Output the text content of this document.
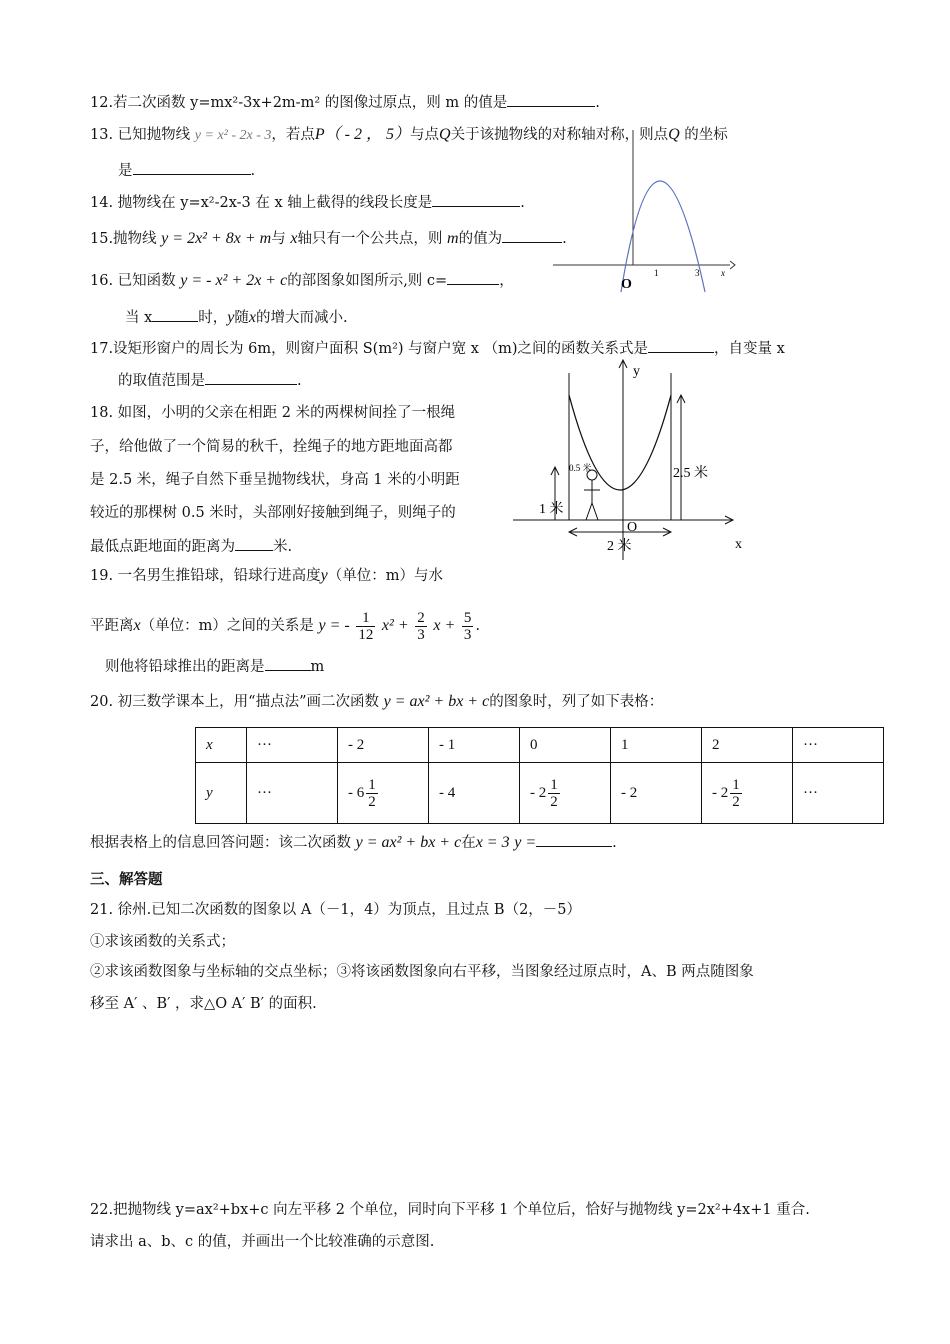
12.若二次函数 y=mx²-3x+2m-m² 的图像过原点，则 m 的值是	.
13. 已知抛物线 y = x² - 2x - 3，若点P（ - 2 ， 5）与点Q关于该抛物线的对称轴对称，则点Q 的坐标
是	.
14. 抛物线在 y=x²-2x-3 在 x 轴上截得的线段长度是	.
15.抛物线 y = 2x² + 8x + m与 x轴只有一个公共点，则 m的值为	.
16. 已知函数 y = - x² + 2x + c的部图象如图所示,则 c=	，
当 x	时，y随x的增大而减小.
O
1	3 x
17.设矩形窗户的周长为 6m，则窗户面积 S(m²) 与窗户宽 x （m)之间的函数关系式是	，自变量 x
的取值范围是	.
18. 如图，小明的父亲在相距 2 米的两棵树间拴了一根绳
子，给他做了一个简易的秋千，拴绳子的地方距地面高都
是 2.5 米，绳子自然下垂呈抛物线状，身高 1 米的小明距
较近的那棵树 0.5 米时，头部刚好接触到绳子，则绳子的
最低点距地面的距离为	米.
2.5 米
1 米
0.5 米
O
2 米
y
x
19. 一名男生推铅球，铅球行进高度y（单位：m）与水
平距离x（单位：m）之间的关系是 y = - $\frac{1}{12} x^2 + \frac{2}{3}$ $x + \frac{5}{3}$ .
则他将铅球推出的距离是	m
20. 初三数学课本上，用“描点法”画二次函数 y = ax² + bx + c的图象时，列了如下表格：
x	···	- 2	- 1	0	1	2	···
y	···	- $6 \frac{1}{2}$	- 4	- $2 \frac{1}{2}$	- 2	- $2 \frac{1}{2}$	···
根据表格上的信息回答问题：该二次函数 y = ax² + bx + c在x = 3 y =	.
三、解答题
21. 徐州.已知二次函数的图象以 A（－1，4）为顶点，且过点 B（2，－5）
①求该函数的关系式；
②求该函数图象与坐标轴的交点坐标；③将该函数图象向右平移，当图象经过原点时，A、B 两点随图象
移至 A′ 、B′ ，求△O A′ B′ 的面积.
22.把抛物线 y=ax²+bx+c 向左平移 2 个单位，同时向下平移 1 个单位后，恰好与抛物线 y=2x²+4x+1 重合.
请求出 a、b、c 的值，并画出一个比较准确的示意图.
